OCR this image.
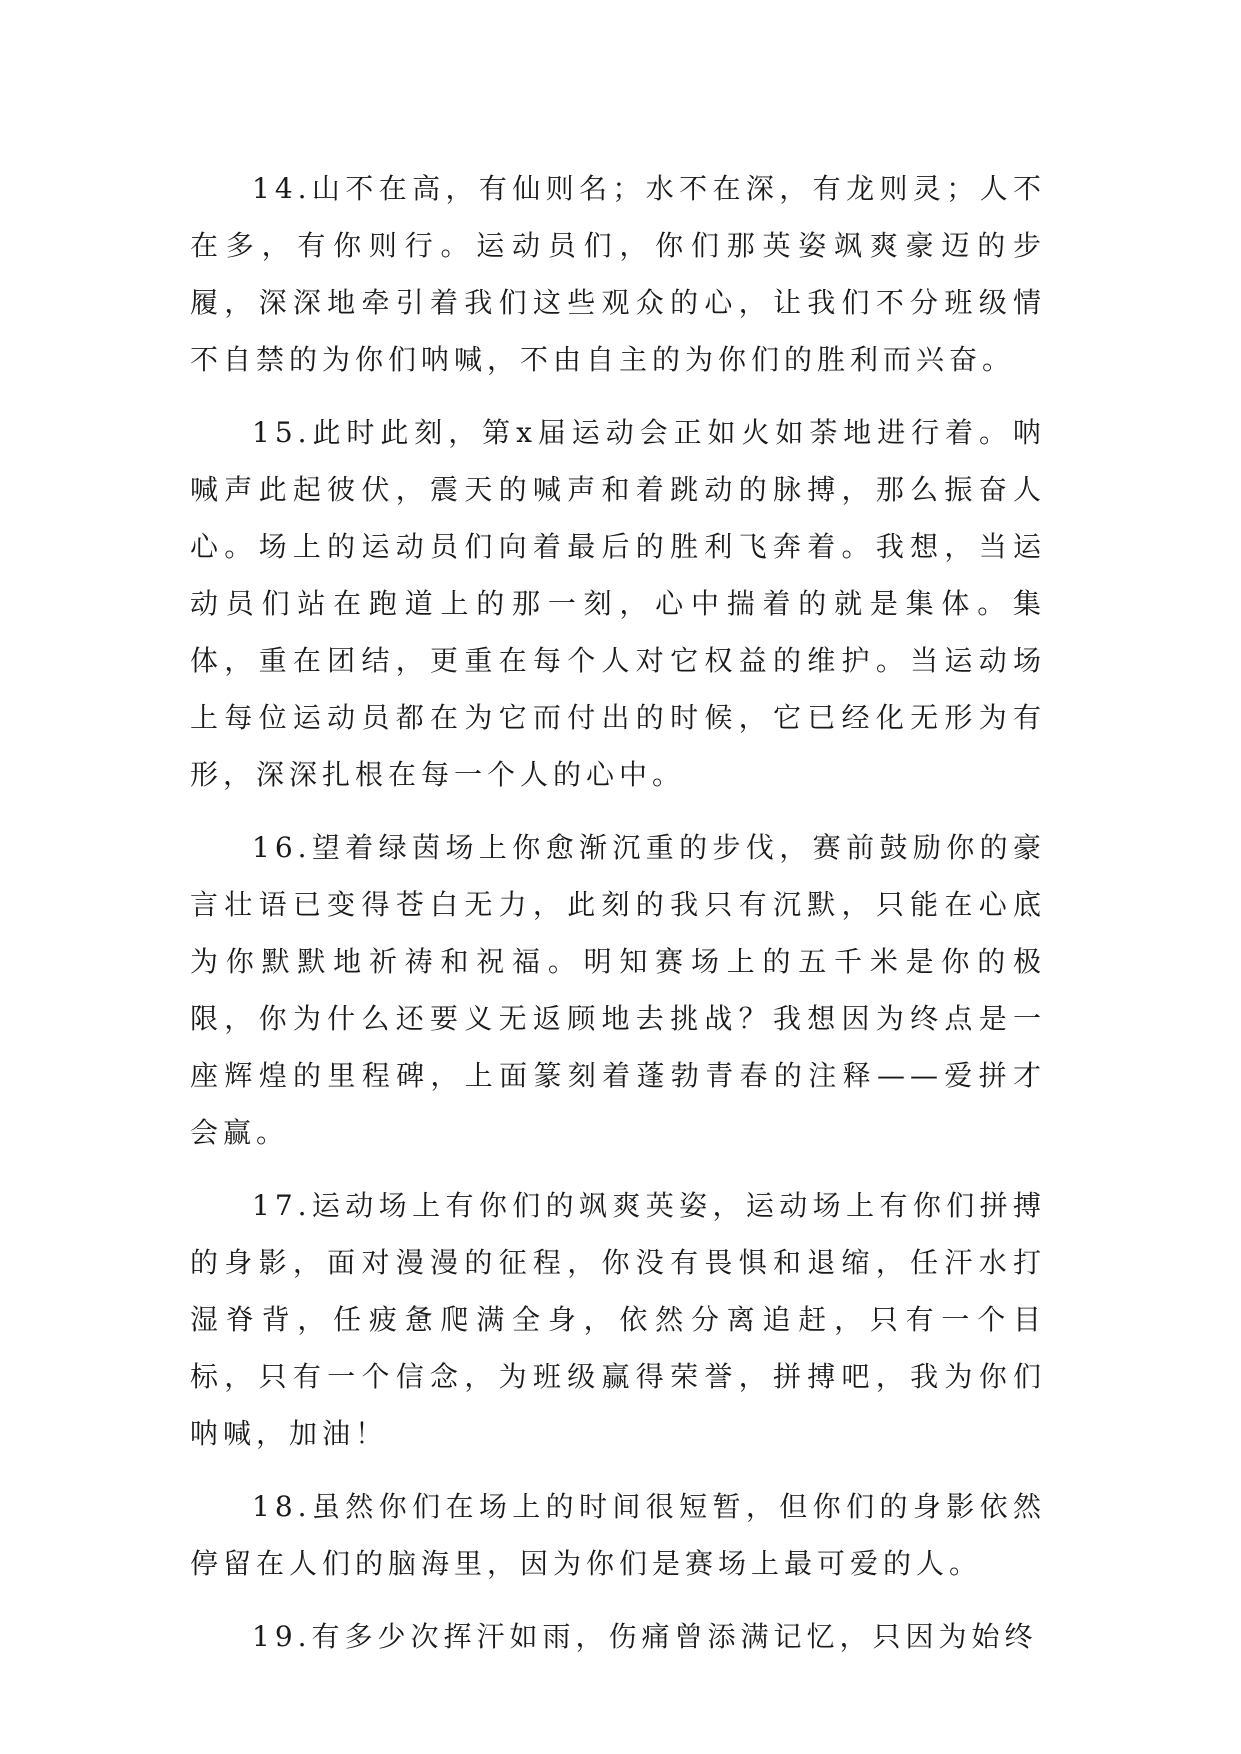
14.山不在高，有仙则名；水不在深，有龙则灵；人不在多，有你则行。运动员们，你们那英姿飒爽豪迈的步履，深深地牵引着我们这些观众的心，让我们不分班级情不自禁的为你们呐喊，不由自主的为你们的胜利而兴奋。

15.此时此刻，第x届运动会正如火如荼地进行着。呐喊声此起彼伏，震天的喊声和着跳动的脉搏，那么振奋人心。场上的运动员们向着最后的胜利飞奔着。我想，当运动员们站在跑道上的那一刻，心中揣着的就是集体。集体，重在团结，更重在每个人对它权益的维护。当运动场上每位运动员都在为它而付出的时候，它已经化无形为有形，深深扎根在每一个人的心中。

16.望着绿茵场上你愈渐沉重的步伐，赛前鼓励你的豪言壮语已变得苍白无力，此刻的我只有沉默，只能在心底为你默默地祈祷和祝福。明知赛场上的五千米是你的极限，你为什么还要义无返顾地去挑战？我想因为终点是一座辉煌的里程碑，上面篆刻着蓬勃青春的注释——爱拼才会赢。

17.运动场上有你们的飒爽英姿，运动场上有你们拼搏的身影，面对漫漫的征程，你没有畏惧和退缩，任汗水打湿脊背，任疲惫爬满全身，依然分离追赶，只有一个目标，只有一个信念，为班级赢得荣誉，拼搏吧，我为你们呐喊，加油！

18.虽然你们在场上的时间很短暂，但你们的身影依然停留在人们的脑海里，因为你们是赛场上最可爱的人。

19.有多少次挥汗如雨，伤痛曾添满记忆，只因为始终
